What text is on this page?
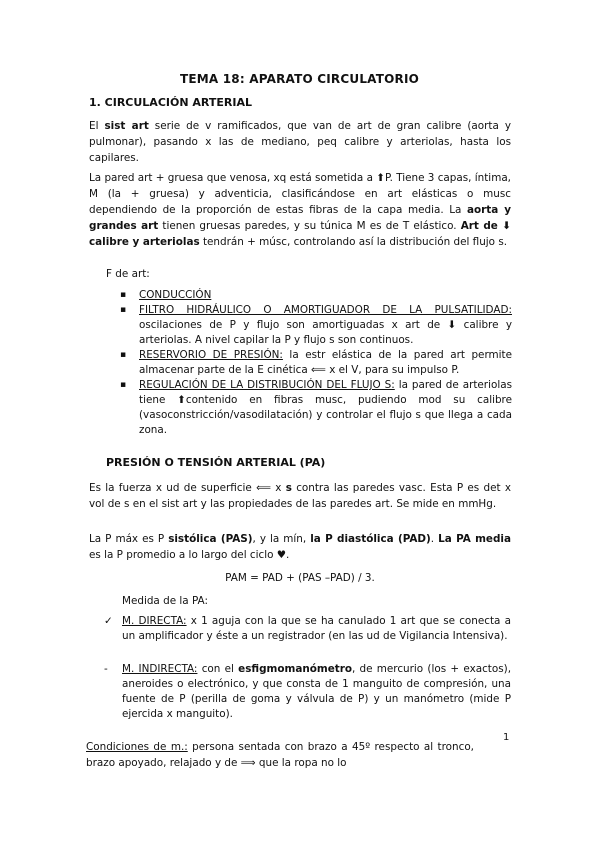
TEMA 18: APARATO CIRCULATORIO
1. CIRCULACIÓN ARTERIAL

El sist art serie de v ramificados, que van de art de gran calibre (aorta y pulmonar), pasando x las de mediano, peq calibre y arteriolas, hasta los capilares.

La pared art + gruesa que venosa, xq está sometida a ⬆P. Tiene 3 capas, íntima, M (la + gruesa) y adventicia, clasificándose en art elásticas o musc dependiendo de la proporción de estas fibras de la capa media. La aorta y grandes art tienen gruesas paredes, y su túnica M es de T elástico. Art de ⬇ calibre y arteriolas tendrán + músc, controlando así la distribución del flujo s.

F de art:
▪ CONDUCCIÓN
▪ FILTRO HIDRÁULICO O AMORTIGUADOR DE LA PULSATILIDAD: oscilaciones de P y flujo son amortiguadas x art de ⬇ calibre y arteriolas. A nivel capilar la P y flujo s son continuos.
▪ RESERVORIO DE PRESIÓN: la estr elástica de la pared art permite almacenar parte de la E cinética ⟸ x el V, para su impulso P.
▪ REGULACIÓN DE LA DISTRIBUCIÓN DEL FLUJO S: la pared de arteriolas tiene ⬆contenido en fibras musc, pudiendo mod su calibre (vasoconstricción/vasodilatación) y controlar el flujo s que llega a cada zona.
PRESIÓN O TENSIÓN ARTERIAL (PA)

Es la fuerza x ud de superficie ⟸ x s contra las paredes vasc. Esta P es det x vol de s en el sist art y las propiedades de las paredes art. Se mide en mmHg.

La P máx es P sistólica (PAS), y la mín, la P diastólica (PAD). La PA media es la P promedio a lo largo del ciclo ♥.

PAM = PAD + (PAS –PAD) / 3.
Medida de la PA:
✓ M. DIRECTA: x 1 aguja con la que se ha canulado 1 art que se conecta a un amplificador y éste a un registrador (en las ud de Vigilancia Intensiva).
- M. INDIRECTA: con el esfigmomanómetro, de mercurio (los + exactos), aneroides o electrónico, y que consta de 1 manguito de compresión, una fuente de P (perilla de goma y válvula de P) y un manómetro (mide P ejercida x manguito).
1

Condiciones de m.: persona sentada con brazo a 45º respecto al tronco, brazo apoyado, relajado y de ⟹ que la ropa no lo
